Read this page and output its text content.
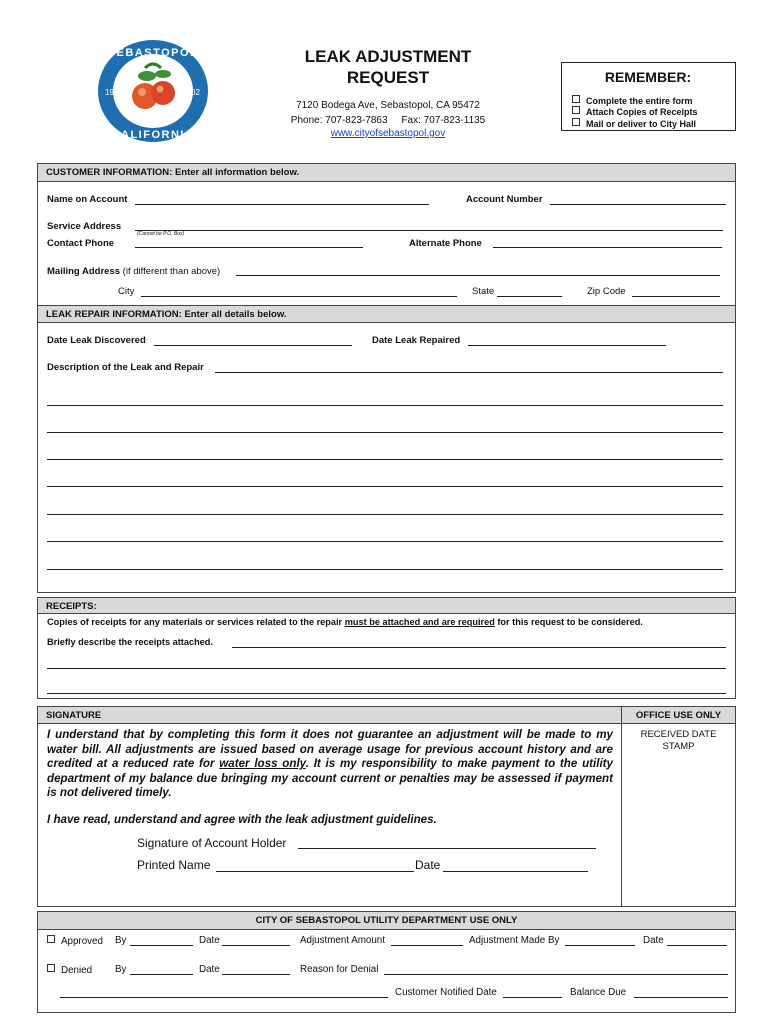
SEBASTOPOL
CALIFORNIA
19	02
LEAK ADJUSTMENT
REQUEST
7120 Bodega Ave, Sebastopol, CA 95472
Phone: 707-823-7863     Fax: 707-823-1135
www.cityofsebastopol.gov
REMEMBER:
Complete the entire form
Attach Copies of Receipts
Mail or deliver to City Hall
CUSTOMER INFORMATION: Enter all information below.
LEAK REPAIR INFORMATION: Enter all details below.
Name on Account	Account Number
Service Address
(Cannot be P.O. Box)
Contact Phone	Alternate Phone
Mailing Address (if different than above)
City	State	Zip Code
Date Leak Discovered	Date Leak Repaired
Description of the Leak and Repair
RECEIPTS:
Copies of receipts for any materials or services related to the repair must be attached and are required for this request to be considered.
Briefly describe the receipts attached.
SIGNATURE	OFFICE USE ONLY
RECEIVED DATE
STAMP
I understand that by completing this form it does not guarantee an adjustment will be made to my water bill. All adjustments are issued based on average usage for previous account history and are credited at a reduced rate for water loss only. It is my responsibility to make payment to the utility department of my balance due bringing my account current or penalties may be assessed if payment is not delivered timely.
I have read, understand and agree with the leak adjustment guidelines.
Signature of Account Holder
Printed Name	Date
CITY OF SEBASTOPOL UTILITY DEPARTMENT USE ONLY
Approved By	Date	Adjustment Amount	Adjustment Made By	Date
Denied By	Date	Reason for Denial
Customer Notified Date	Balance Due
